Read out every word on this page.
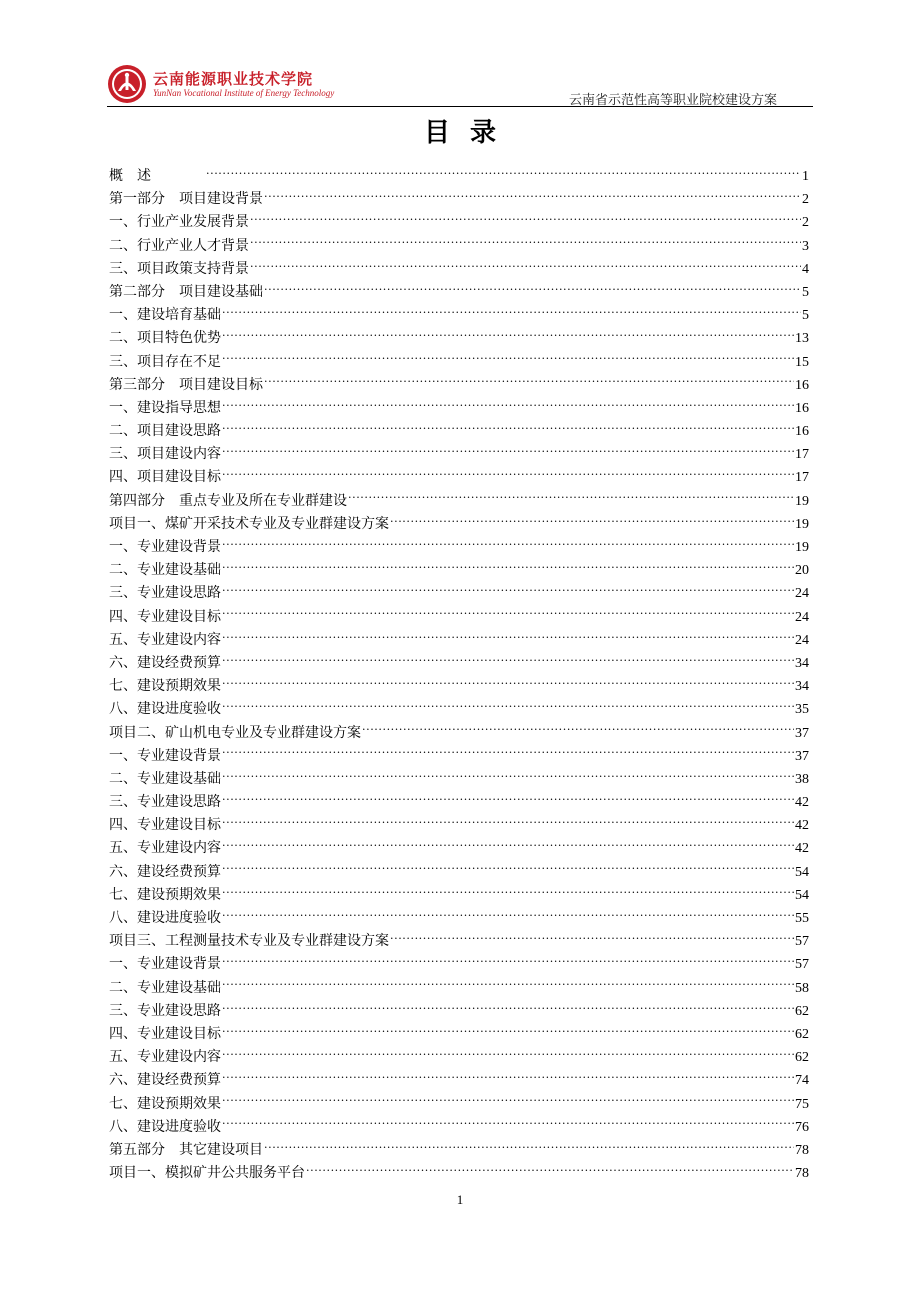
云南能源职业技术学院
YunNan Vocational Institute of Energy Technology	云南省示范性高等职业院校建设方案
目录
概　述 .....	1
第一部分　项目建设背景 .....	2
一、行业产业发展背景 .....	2
二、行业产业人才背景 .....	3
三、项目政策支持背景 .....	4
第二部分　项目建设基础 .....	5
一、建设培育基础 .....	5
二、项目特色优势 .....	13
三、项目存在不足 .....	15
第三部分　项目建设目标 .....	16
一、建设指导思想 .....	16
二、项目建设思路 .....	16
三、项目建设内容 .....	17
四、项目建设目标 .....	17
第四部分　重点专业及所在专业群建设 .....	19
项目一、煤矿开采技术专业及专业群建设方案 .....	19
一、专业建设背景 .....	19
二、专业建设基础 .....	20
三、专业建设思路 .....	24
四、专业建设目标 .....	24
五、专业建设内容 .....	24
六、建设经费预算 .....	34
七、建设预期效果 .....	34
八、建设进度验收 .....	35
项目二、矿山机电专业及专业群建设方案 .....	37
一、专业建设背景 .....	37
二、专业建设基础 .....	38
三、专业建设思路 .....	42
四、专业建设目标 .....	42
五、专业建设内容 .....	42
六、建设经费预算 .....	54
七、建设预期效果 .....	54
八、建设进度验收 .....	55
项目三、工程测量技术专业及专业群建设方案 .....	57
一、专业建设背景 .....	57
二、专业建设基础 .....	58
三、专业建设思路 .....	62
四、专业建设目标 .....	62
五、专业建设内容 .....	62
六、建设经费预算 .....	74
七、建设预期效果 .....	75
八、建设进度验收 .....	76
第五部分　其它建设项目 .....	78
项目一、模拟矿井公共服务平台 .....	78
1
